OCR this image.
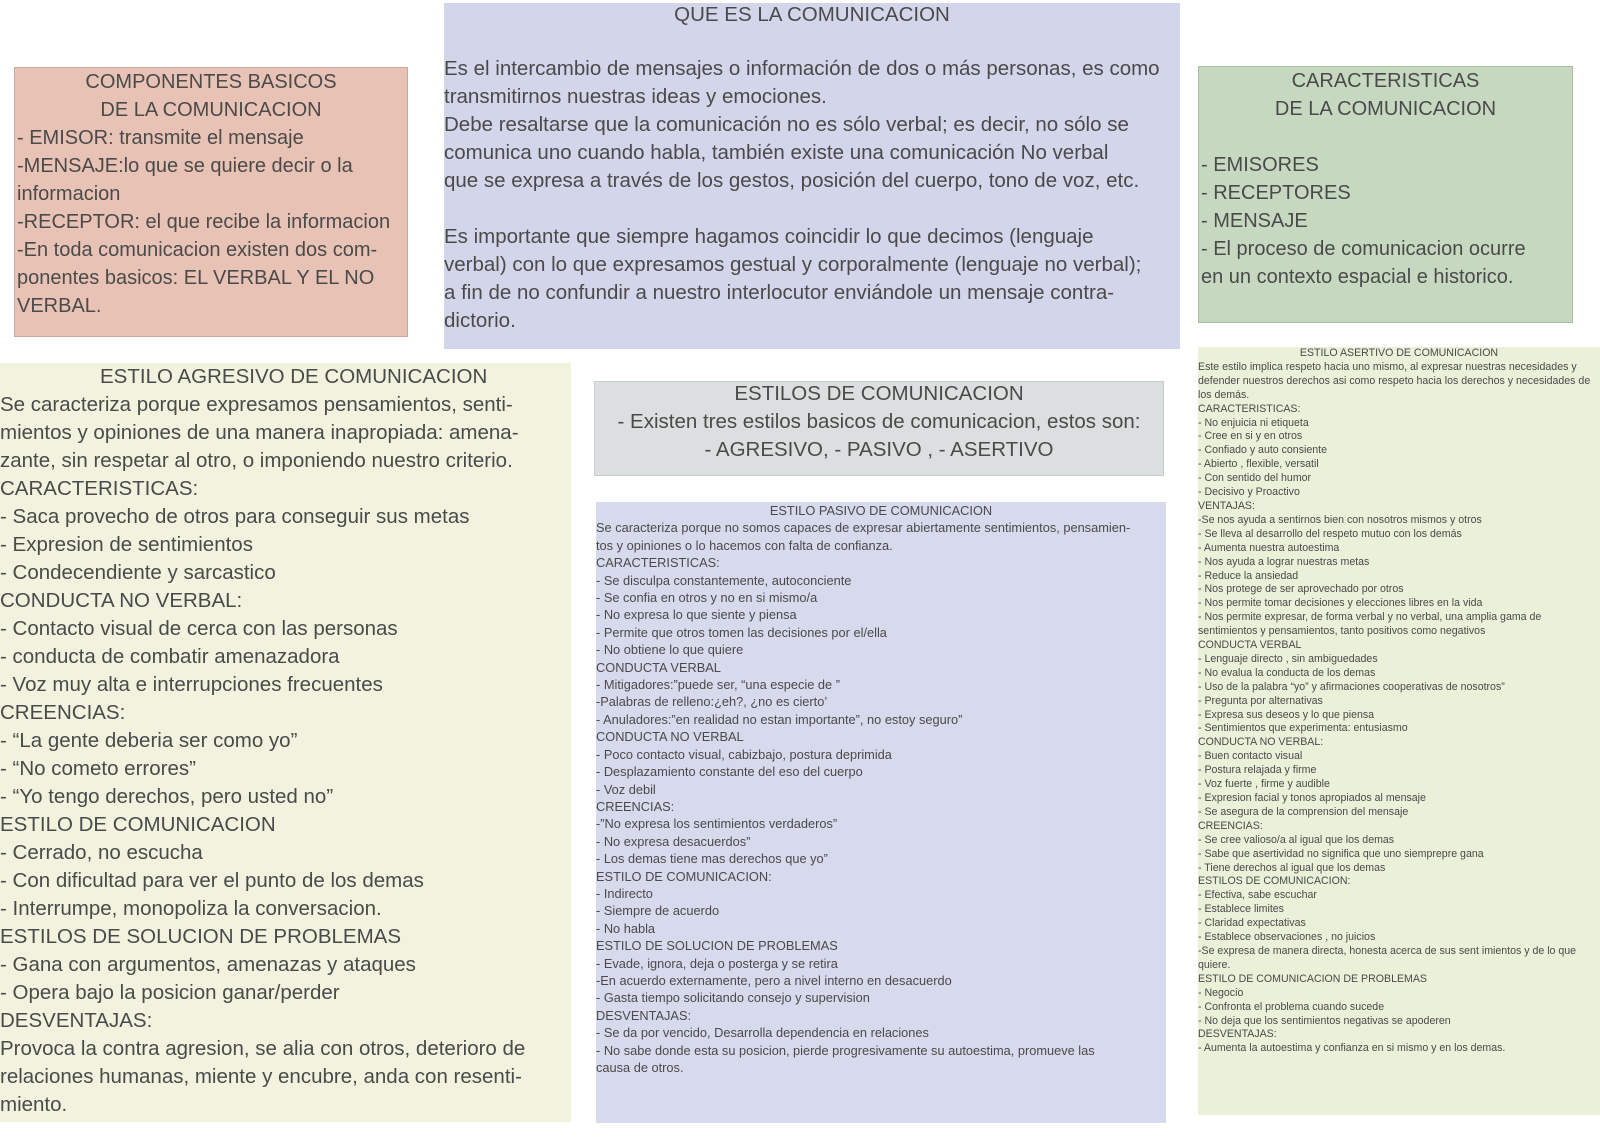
COMPONENTES BASICOS
DE LA COMUNICACION
- EMISOR: transmite el mensaje
-MENSAJE:lo que se quiere decir o la
informacion
-RECEPTOR: el que recibe la informacion
-En toda comunicacion existen dos com-
ponentes basicos: EL VERBAL Y EL NO
VERBAL.
QUE ES LA COMUNICACION
Es el intercambio de mensajes o información de dos o más personas, es como
transmitirnos nuestras ideas y emociones.
Debe resaltarse que la comunicación no es sólo verbal; es decir, no sólo se
comunica uno cuando habla, también existe una comunicación No verbal
que se expresa a través de los gestos, posición del cuerpo, tono de voz, etc.
Es importante que siempre hagamos coincidir lo que decimos (lenguaje
verbal) con lo que expresamos gestual y corporalmente (lenguaje no verbal);
a fin de no confundir a nuestro interlocutor enviándole un mensaje contra-
dictorio.
CARACTERISTICAS
DE LA COMUNICACION
- EMISORES
- RECEPTORES
- MENSAJE
- El proceso de comunicacion ocurre
en un contexto espacial e historico.
ESTILO AGRESIVO DE COMUNICACION
Se caracteriza porque expresamos pensamientos, senti-
mientos y opiniones de una manera inapropiada: amena-
zante, sin respetar al otro, o imponiendo nuestro criterio.
CARACTERISTICAS:
- Saca provecho de otros para conseguir sus metas
- Expresion de sentimientos
- Condecendiente y sarcastico
CONDUCTA NO VERBAL:
- Contacto visual de cerca con las personas
- conducta de combatir amenazadora
- Voz muy alta e interrupciones frecuentes
CREENCIAS:
- “La gente deberia ser como yo”
- “No cometo errores”
- “Yo tengo derechos, pero usted no”
ESTILO DE COMUNICACION
- Cerrado, no escucha
- Con dificultad para ver el punto de los demas
- Interrumpe, monopoliza la conversacion.
ESTILOS DE SOLUCION DE PROBLEMAS
- Gana con argumentos, amenazas y ataques
- Opera bajo la posicion ganar/perder
DESVENTAJAS:
Provoca la contra agresion, se alia con otros, deterioro de
relaciones humanas, miente y encubre, anda con resenti-
miento.
ESTILOS DE COMUNICACION
- Existen tres estilos basicos de comunicacion, estos son:
- AGRESIVO, - PASIVO , - ASERTIVO
ESTILO PASIVO DE COMUNICACION
Se caracteriza porque no somos capaces de expresar abiertamente sentimientos, pensamien-
tos y opiniones o lo hacemos con falta de confianza.
CARACTERISTICAS:
- Se disculpa constantemente, autoconciente
- Se confia en otros y no en si mismo/a
- No expresa lo que siente y piensa
- Permite que otros tomen las decisiones por el/ella
- No obtiene lo que quiere
CONDUCTA VERBAL
- Mitigadores:”puede ser, “una especie de ”
-Palabras de relleno:¿eh?, ¿no es cierto’
- Anuladores:”en realidad no estan importante”, no estoy seguro”
CONDUCTA NO VERBAL
- Poco contacto visual, cabizbajo, postura deprimida
- Desplazamiento constante del eso del cuerpo
- Voz debil
CREENCIAS:
-”No expresa los sentimientos verdaderos”
- No expresa desacuerdos”
- Los demas tiene mas derechos que yo”
ESTILO DE COMUNICACION:
- Indirecto
- Siempre de acuerdo
- No habla
ESTILO DE SOLUCION DE PROBLEMAS
- Evade, ignora, deja o posterga y se retira
-En acuerdo externamente, pero a nivel interno en desacuerdo
- Gasta tiempo solicitando consejo y supervision
DESVENTAJAS:
- Se da por vencido, Desarrolla dependencia en relaciones
- No sabe donde esta su posicion, pierde progresivamente su autoestima, promueve las
causa de otros.
ESTILO ASERTIVO DE COMUNICACION
Este estilo implica respeto hacia uno mismo, al expresar nuestras necesidades y
defender nuestros derechos asi como respeto hacia los derechos y necesidades de
los demás.
CARACTERISTICAS:
- No enjuicia ni etiqueta
- Cree en si y en otros
- Confiado y auto consiente
- Abierto , flexible, versatil
- Con sentido del humor
- Decisivo y Proactivo
VENTAJAS:
-Se nos ayuda a sentirnos bien con nosotros mismos y otros
- Se lleva al desarrollo del respeto mutuo con los demás
- Aumenta nuestra autoestima
- Nos ayuda a lograr nuestras metas
- Reduce la ansiedad
- Nos protege de ser aprovechado por otros
- Nos permite tomar decisiones y elecciones libres en la vida
- Nos permite expresar, de forma verbal y no verbal, una amplia gama de
sentimientos y pensamientos, tanto positivos como negativos
CONDUCTA VERBAL
- Lenguaje directo , sin ambiguedades
- No evalua la conducta de los demas
- Uso de la palabra “yo” y afirmaciones cooperativas de nosotros”
- Pregunta por alternativas
- Expresa sus deseos y lo que piensa
- Sentimientos que experimenta: entusiasmo
CONDUCTA NO VERBAL:
- Buen contacto visual
- Postura relajada y firme
- Voz fuerte , firme y audible
- Expresion facial y tonos apropiados al mensaje
- Se asegura de la comprension del mensaje
CREENCIAS:
- Se cree valioso/a al igual que los demas
- Sabe que asertividad no significa que uno siemprepre gana
- Tiene derechos al igual que los demas
ESTILOS DE COMUNICACION:
- Efectiva, sabe escuchar
- Establece limites
- Claridad expectativas
- Establece observaciones , no juicios
-Se expresa de manera directa, honesta acerca de sus sent imientos y de lo que
quiere.
ESTILO DE COMUNICACION DE PROBLEMAS
- Negocio
- Confronta el problema cuando sucede
- No deja que los sentimientos negativas se apoderen
DESVENTAJAS:
- Aumenta la autoestima y confianza en si mismo y en los demas.
